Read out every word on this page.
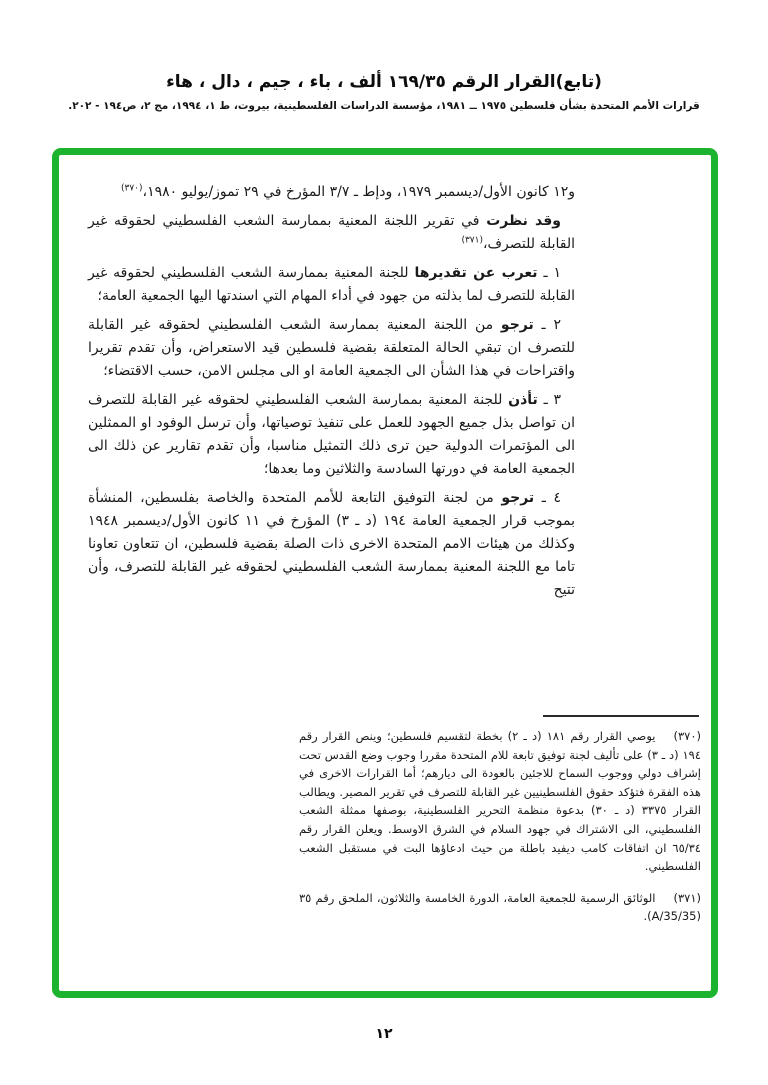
(تابع)القرار الرقم ١٦٩/٣٥ ألف ، باء ، جيم ، دال ، هاء
قرارات الأمم المتحدة بشأن فلسطين ١٩٧٥ ــ ١٩٨١، مؤسسة الدراسات الفلسطينية، بيروت، ط ١، ١٩٩٤، مج ٢، ص١٩٤ - ٢٠٢.

و١٢ كانون الأول/ديسمبر ١٩٧٩، ودإط ـ ٣/٧ المؤرخ في ٢٩ تموز/يوليو ١٩٨٠،$^{(٣٧٠)}$

وقد نظرت في تقرير اللجنة المعنية بممارسة الشعب الفلسطيني لحقوقه غير القابلة للتصرف،$^{(٣٧١)}$

١ ـ تعرب عن تقديرها للجنة المعنية بممارسة الشعب الفلسطيني لحقوقه غير القابلة للتصرف لما بذلته من جهود في أداء المهام التي اسندتها اليها الجمعية العامة؛

٢ ـ ترجو من اللجنة المعنية بممارسة الشعب الفلسطيني لحقوقه غير القابلة للتصرف ان تبقي الحالة المتعلقة بقضية فلسطين قيد الاستعراض، وأن تقدم تقريرا واقتراحات في هذا الشأن الى الجمعية العامة او الى مجلس الامن، حسب الاقتضاء؛

٣ ـ تأذن للجنة المعنية بممارسة الشعب الفلسطيني لحقوقه غير القابلة للتصرف ان تواصل بذل جميع الجهود للعمل على تنفيذ توصياتها، وأن ترسل الوفود او الممثلين الى المؤتمرات الدولية حين ترى ذلك التمثيل مناسبا، وأن تقدم تقارير عن ذلك الى الجمعية العامة في دورتها السادسة والثلاثين وما بعدها؛

٤ ـ ترجو من لجنة التوفيق التابعة للأمم المتحدة والخاصة بفلسطين، المنشأة بموجب قرار الجمعية العامة ١٩٤ (د ـ ٣) المؤرخ في ١١ كانون الأول/ديسمبر ١٩٤٨ وكذلك من هيئات الامم المتحدة الاخرى ذات الصلة بقضية فلسطين، ان تتعاون تعاونا تاما مع اللجنة المعنية بممارسة الشعب الفلسطيني لحقوقه غير القابلة للتصرف، وأن تتيح

(٣٧٠)يوصي القرار رقم ١٨١ (د ـ ٢) بخطة لتقسيم فلسطين؛ وينص القرار رقم ١٩٤ (د ـ ٣) على تأليف لجنة توفيق تابعة للام المتحدة مقررا وجوب وضع القدس تحت إشراف دولي ووجوب السماح للاجئين بالعودة الى ديارهم؛ أما القرارات الاخرى في هذه الفقرة فتؤكد حقوق الفلسطينيين غير القابلة للتصرف في تقرير المصير. ويطالب القرار ٣٣٧٥ (د ـ ٣٠) بدعوة منظمة التحرير الفلسطينية، بوصفها ممثلة الشعب الفلسطيني، الى الاشتراك في جهود السلام في الشرق الاوسط. ويعلن القرار رقم ٦٥/٣٤ ان اتفاقات كامب ديفيد باطلة من حيث ادعاؤها البت في مستقبل الشعب الفلسطيني.

(٣٧١)الوثائق الرسمية للجمعية العامة، الدورة الخامسة والثلاثون، الملحق رقم ٣٥ (A/35/35).

١٢
